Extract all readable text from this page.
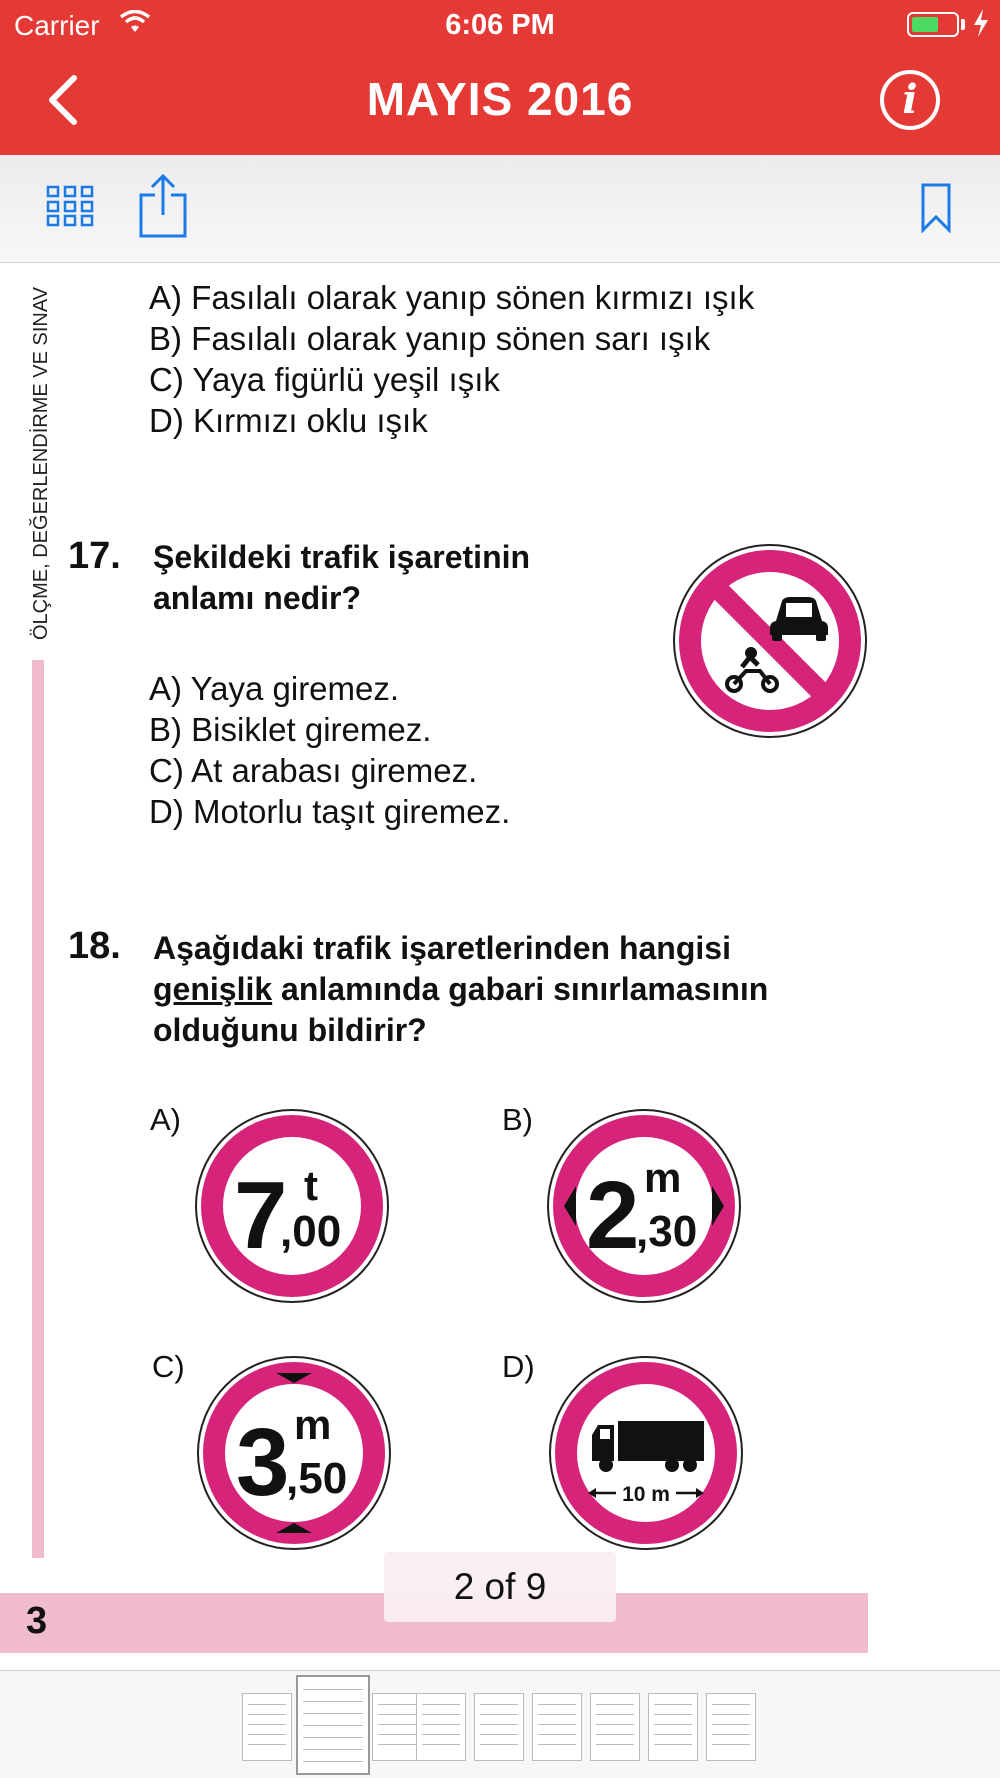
Carrier	6:06 PM
MAYIS 2016	i
ÖLÇME, DEĞERLENDİRME VE SINAV	A) Fasılalı olarak yanıp sönen kırmızı ışık
B) Fasılalı olarak yanıp sönen sarı ışık
C) Yaya figürlü yeşil ışık
D) Kırmızı oklu ışık
17. Şekildeki trafik işaretinin
anlamı nedir?
A) Yaya giremez.
B) Bisiklet giremez.
C) At arabası giremez.
D) Motorlu taşıt giremez.
18. Aşağıdaki trafik işaretlerinden hangisi
genişlik anlamında gabari sınırlamasının
olduğunu bildirir?
A)
7 t
,00
B)
2 m
,30
C)
3 m
,50
D)
10 m
3
2 of 9
